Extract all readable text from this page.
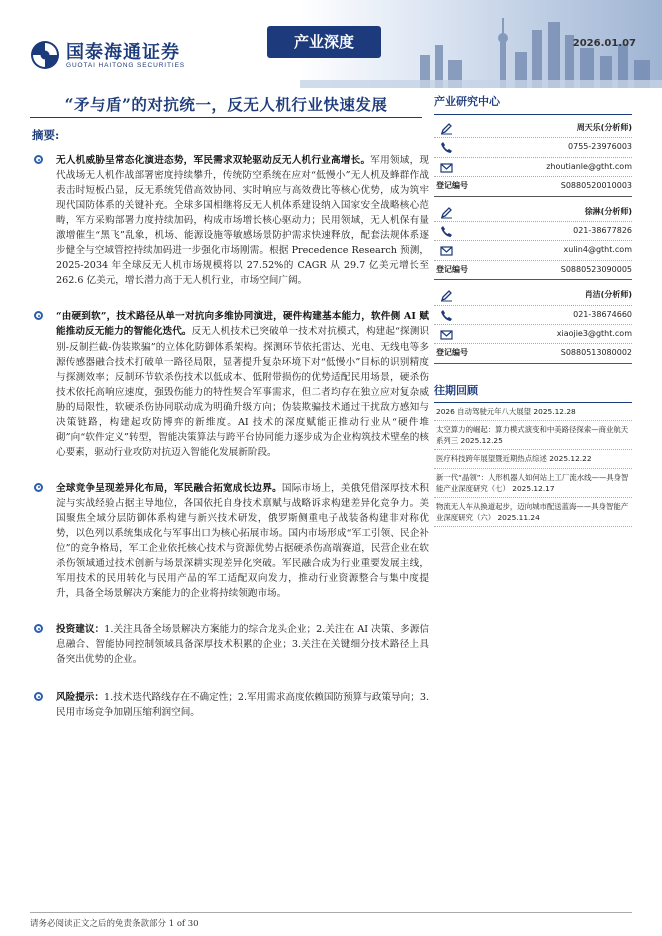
国泰海通证券
GUOTAI HAITONG SECURITIES
产业深度	2026.01.07
“矛与盾”的对抗统一，反无人机行业快速发展
摘要:

无人机威胁呈常态化演进态势，军民需求双轮驱动反无人机行业高增长。军用领域，现代战场无人机作战部署密度持续攀升，传统防空系统在应对“低慢小”无人机及蜂群作战表击时短板凸显，反无系统凭借高效协同、实时响应与高效费比等核心优势，成为筑牢现代国防体系的关键补充。全球多国相继将反无人机体系建设纳入国家安全战略核心范畴，军方采购部署力度持续加码，构成市场增长核心驱动力；民用领域，无人机保有量激增催生“黑飞”乱象，机场、能源设施等敏感场景防护需求快速释放，配套法规体系逐步健全与空域管控持续加码进一步强化市场刚需。根据 Precedence Research 预测，2025-2034 年全球反无人机市场规模将以 27.52%的 CAGR 从 29.7 亿美元增长至 262.6 亿美元，增长潜力高于无人机行业，市场空间广阔。

“由硬到软”，技术路径从单一对抗向多维协同演进，硬件构建基本能力，软件侧 AI 赋能推动反无能力的智能化迭代。反无人机技术已突破单一技术对抗模式，构建起“探测识别-反制拦截-伪装欺骗”的立体化防御体系架构。探测环节依托雷达、光电、无线电等多源传感器融合技术打破单一路径局限，显著提升复杂环境下对“低慢小”目标的识别精度与探测效率；反制环节软杀伤技术以低成本、低附带损伤的优势适配民用场景，硬杀伤技术依托高响应速度，强毁伤能力的特性契合军事需求，但二者均存在独立应对复杂威胁的局限性，软硬杀伤协同联动成为明确升级方向；伪装欺骗技术通过干扰敌方感知与决策链路，构建起攻防博弈的新维度。AI 技术的深度赋能正推动行业从“硬件堆砌”向“软件定义”转型，智能决策算法与跨平台协同能力逐步成为企业构筑技术壁垒的核心要素，驱动行业攻防对抗迈入智能化发展新阶段。

全球竞争呈现差异化布局，军民融合拓宽成长边界。国际市场上，美俄凭借深厚技术积淀与实战经验占据主导地位，各国依托自身技术禀赋与战略诉求构建差异化竞争力。美国聚焦全域分层防御体系构建与新兴技术研发，俄罗斯侧重电子战装备构建非对称优势，以色列以系统集成化与军事出口为核心拓展市场。国内市场形成“军工引领、民企补位”的竞争格局，军工企业依托核心技术与资源优势占据硬杀伤高端赛道，民营企业在软杀伤领域通过技术创新与场景深耕实现差异化突破。军民融合成为行业重要发展主线，军用技术的民用转化与民用产品的军工适配双向发力，推动行业资源整合与集中度提升，具备全场景解决方案能力的企业将持续领跑市场。

投资建议：1.关注具备全场景解决方案能力的综合龙头企业；2.关注在 AI 决策、多源信息融合、智能协同控制领域具备深厚技术积累的企业；3.关注在关键细分技术路径上具备突出优势的企业。

风险提示：1.技术迭代路线存在不确定性；2.军用需求高度依赖国防预算与政策导向；3.民用市场竞争加剧压缩利润空间。

产业研究中心
周天乐(分析师)
0755-23976003
zhoutianle@gtht.com
登记编号	S0880520010003
徐淋(分析师)
021-38677826
xulin4@gtht.com
登记编号	S0880523090005
肖洁(分析师)
021-38674660
xiaojie3@gtht.com
登记编号	S0880513080002
往期回顾
2026 自动驾驶元年八大展望 2025.12.28
太空算力的崛起：算力模式演变和中美路径探索—商业航天系列三 2025.12.25
医疗科技跨年展望暨近期热点综述 2025.12.22
新一代“晶领”：人形机器人如何站上工厂流水线——具身智能产业深度研究（七） 2025.12.17
物流无人车从换道起步，迈向城市配送蓝海——具身智能产业深度研究（六） 2025.11.24
请务必阅读正文之后的免责条款部分 1 of 30
